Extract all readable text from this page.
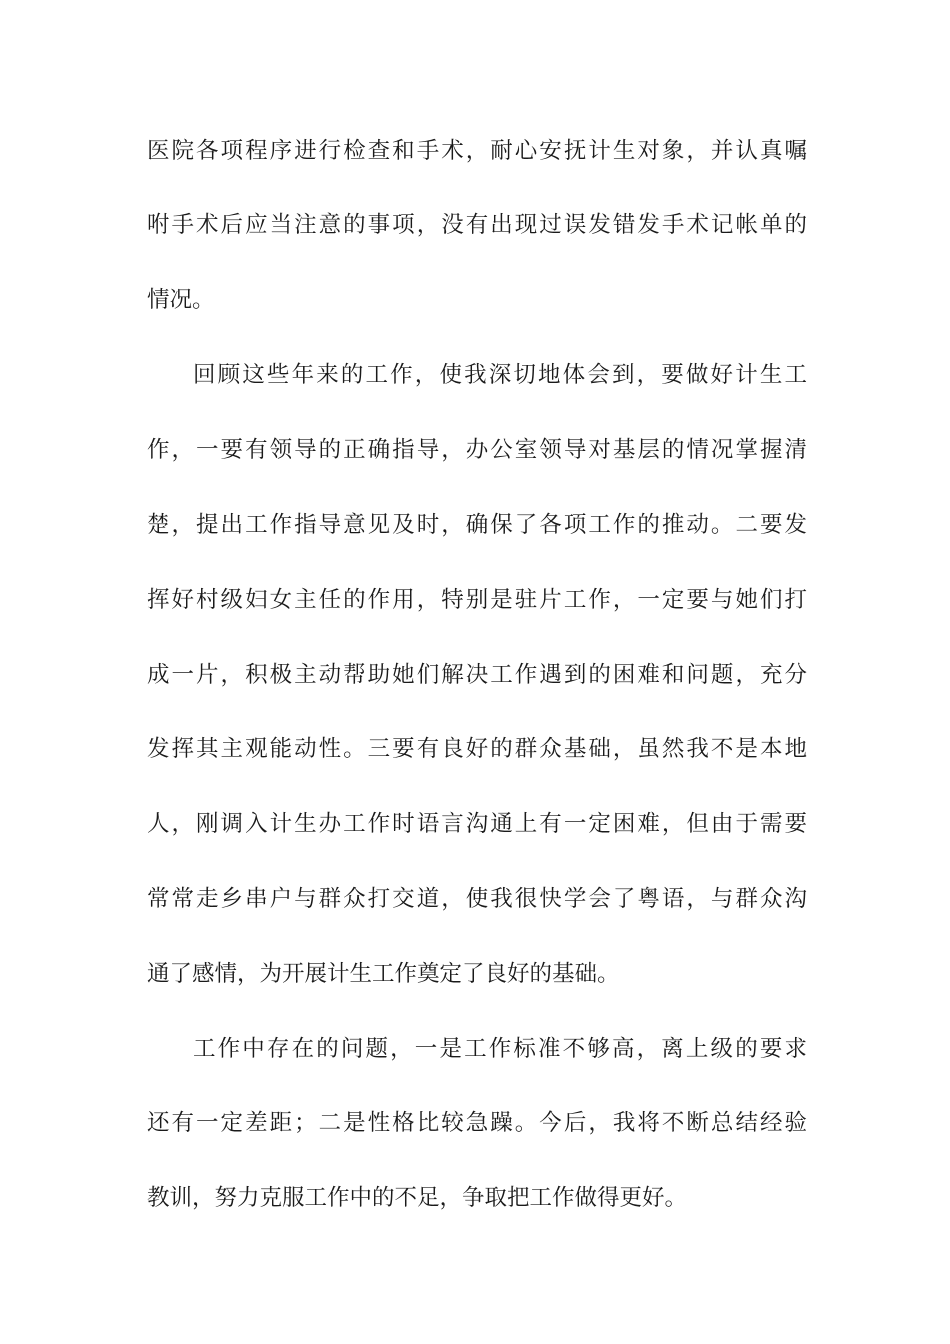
医院各项程序进行检查和手术，耐心安抚计生对象，并认真嘱
咐手术后应当注意的事项，没有出现过误发错发手术记帐单的
情况。
回顾这些年来的工作，使我深切地体会到，要做好计生工
作，一要有领导的正确指导，办公室领导对基层的情况掌握清
楚，提出工作指导意见及时，确保了各项工作的推动。二要发
挥好村级妇女主任的作用，特别是驻片工作，一定要与她们打
成一片，积极主动帮助她们解决工作遇到的困难和问题，充分
发挥其主观能动性。三要有良好的群众基础，虽然我不是本地
人，刚调入计生办工作时语言沟通上有一定困难，但由于需要
常常走乡串户与群众打交道，使我很快学会了粤语，与群众沟
通了感情，为开展计生工作奠定了良好的基础。
工作中存在的问题，一是工作标准不够高，离上级的要求
还有一定差距；二是性格比较急躁。今后，我将不断总结经验
教训，努力克服工作中的不足，争取把工作做得更好。
